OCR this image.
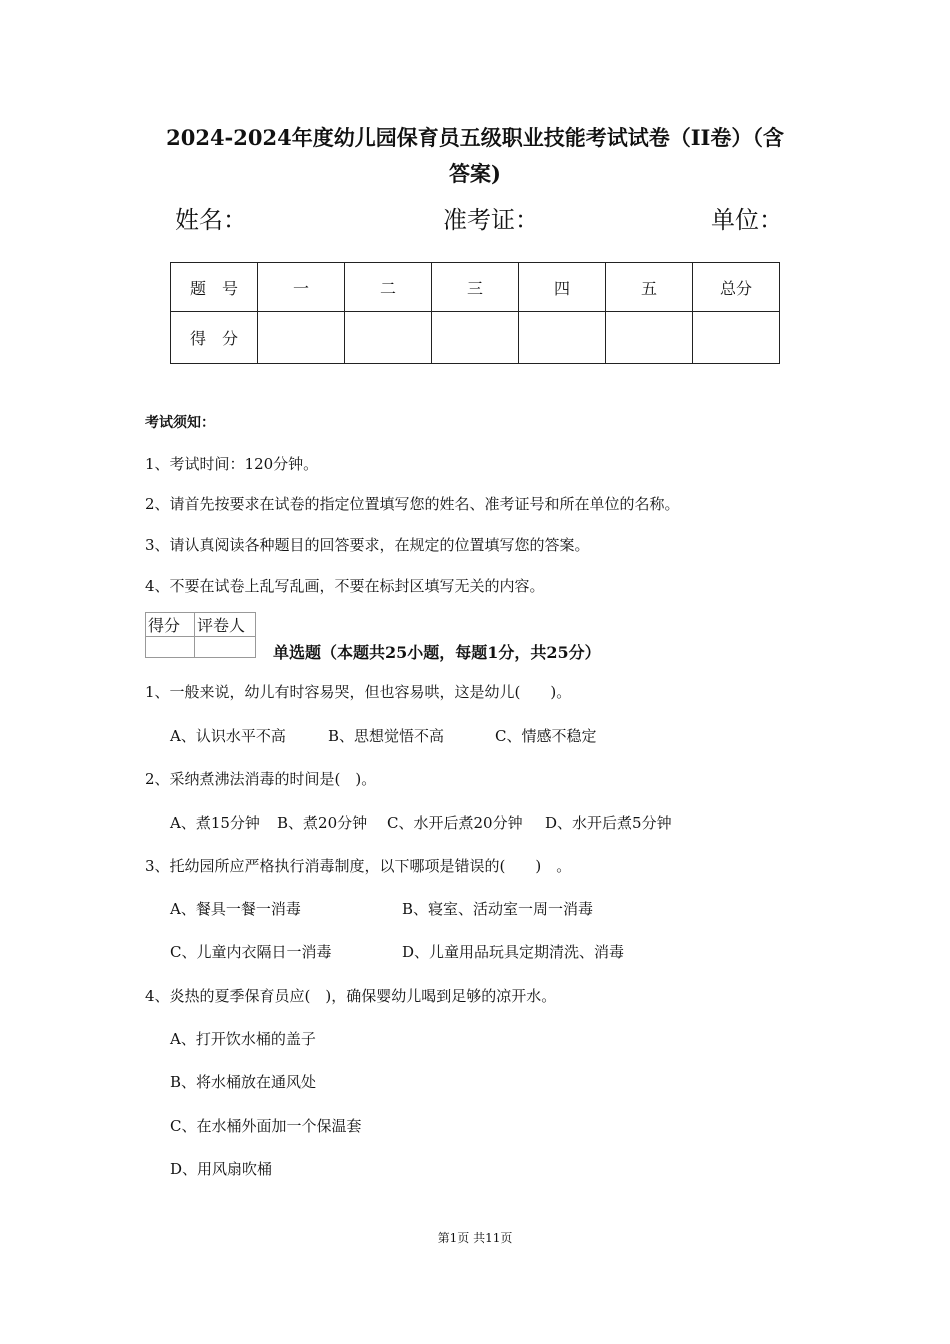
2024-2024年度幼儿园保育员五级职业技能考试试卷（II卷）（含
答案)
姓名：	准考证：	单位：
题　号	一	二	三	四	五	总分
得　分						
考试须知：
1、考试时间：120分钟。
2、请首先按要求在试卷的指定位置填写您的姓名、准考证号和所在单位的名称。
3、请认真阅读各种题目的回答要求，在规定的位置填写您的答案。
4、不要在试卷上乱写乱画，不要在标封区填写无关的内容。
得分	评卷人

单选题（本题共25小题，每题1分，共25分）
1、一般来说，幼儿有时容易哭，但也容易哄，这是幼儿(　　)。
A、认识水平不高	B、思想觉悟不高	C、情感不稳定
2、采纳煮沸法消毒的时间是(　)。
A、煮15分钟 B、煮20分钟 C、水开后煮20分钟 D、水开后煮5分钟
3、托幼园所应严格执行消毒制度，以下哪项是错误的(　　)　。
A、餐具一餐一消毒	B、寝室、活动室一周一消毒
C、儿童内衣隔日一消毒	D、儿童用品玩具定期清洗、消毒
4、炎热的夏季保育员应(　)，确保婴幼儿喝到足够的凉开水。
A、打开饮水桶的盖子
B、将水桶放在通风处
C、在水桶外面加一个保温套
D、用风扇吹桶
第1页 共11页
